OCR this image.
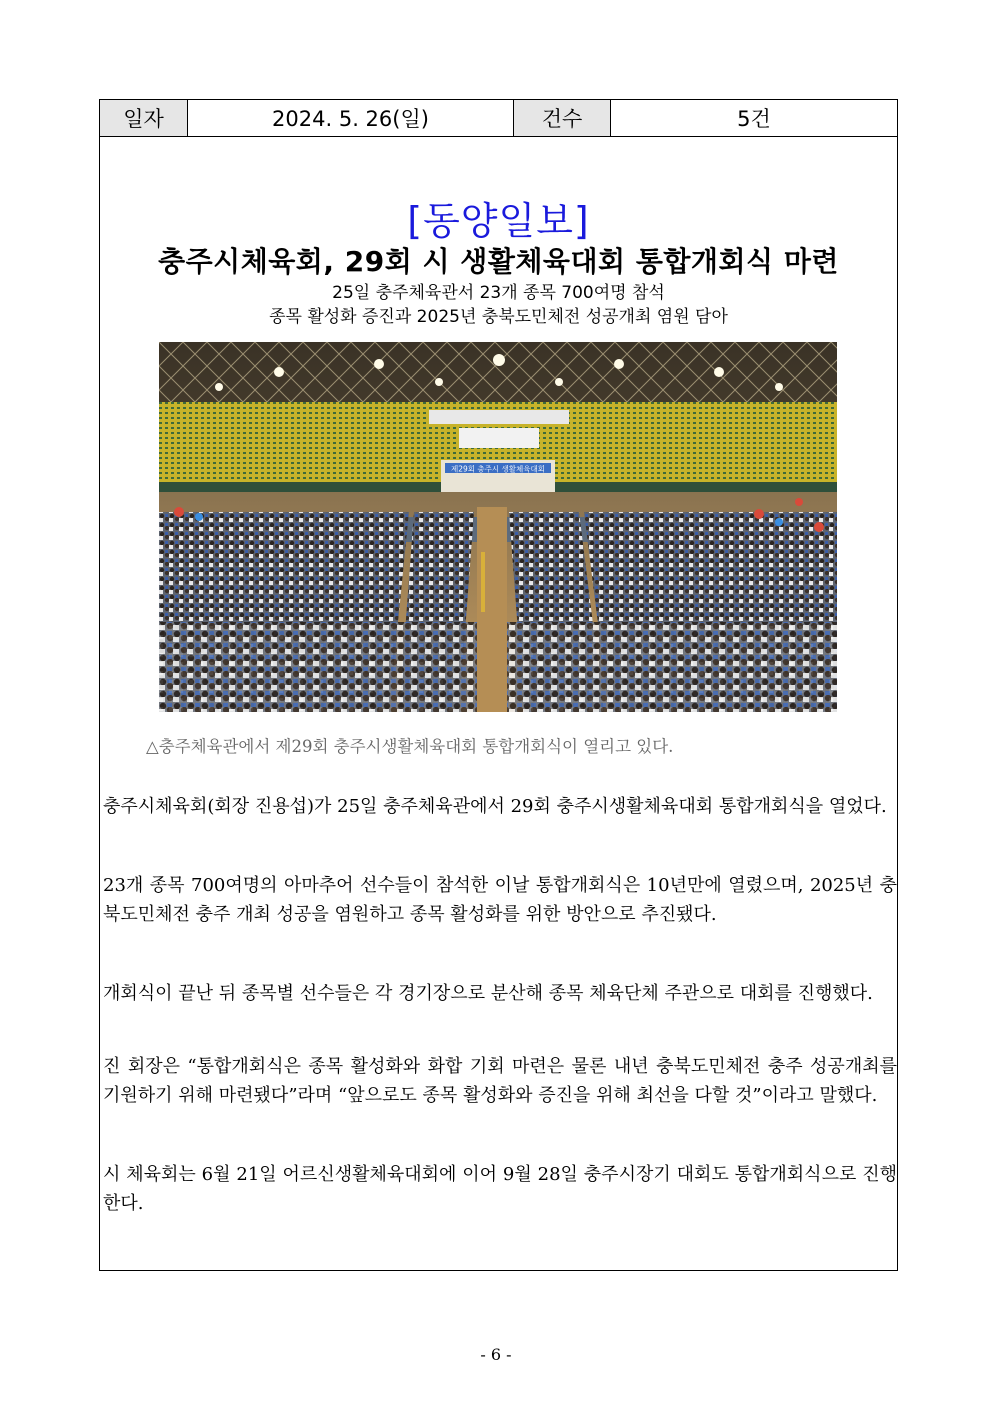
일자	2024. 5. 26(일)	건수	5건
[동양일보]
충주시체육회, 29회 시 생활체육대회 통합개회식 마련
25일 충주체육관서 23개 종목 700여명 참석
종목 활성화 증진과 2025년 충북도민체전 성공개최 염원 담아
제29회 충주시 생활체육대회
△충주체육관에서 제29회 충주시생활체육대회 통합개회식이 열리고 있다.

충주시체육회(회장 진용섭)가 25일 충주체육관에서 29회 충주시생활체육대회 통합개회식을 열었다.

23개 종목 700여명의 아마추어 선수들이 참석한 이날 통합개회식은 10년만에 열렸으며, 2025년 충북도민체전 충주 개최 성공을 염원하고 종목 활성화를 위한 방안으로 추진됐다.

개회식이 끝난 뒤 종목별 선수들은 각 경기장으로 분산해 종목 체육단체 주관으로 대회를 진행했다.

진 회장은 “통합개회식은 종목 활성화와 화합 기회 마련은 물론 내년 충북도민체전 충주 성공개최를 기원하기 위해 마련됐다”라며 “앞으로도 종목 활성화와 증진을 위해 최선을 다할 것”이라고 말했다.

시 체육회는 6월 21일 어르신생활체육대회에 이어 9월 28일 충주시장기 대회도 통합개회식으로 진행한다.

- 6 -
